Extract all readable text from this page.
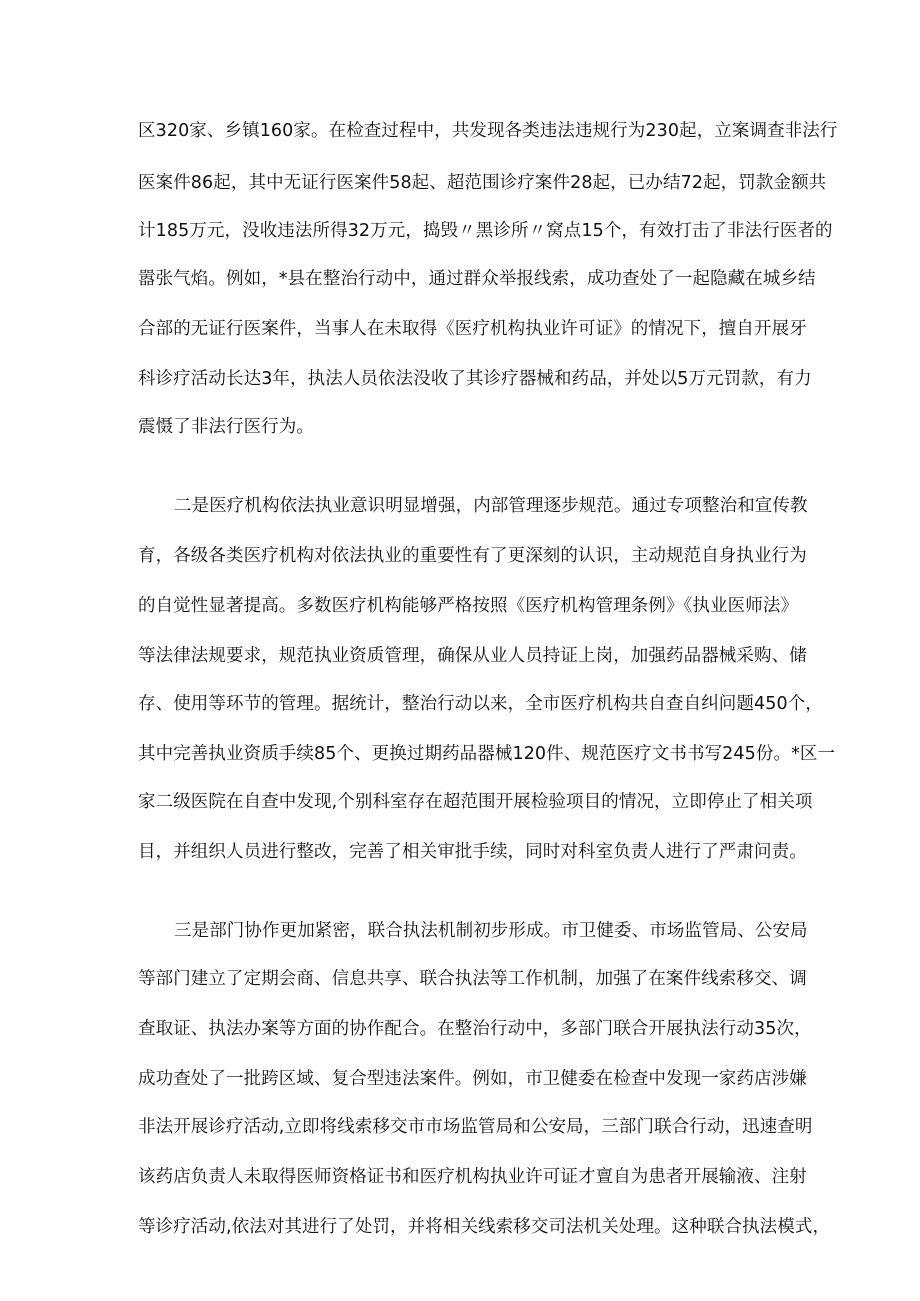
区320家、乡镇160家。在检查过程中，共发现各类违法违规行为230起，立案调查非法行
医案件86起，其中无证行医案件58起、超范围诊疗案件28起，已办结72起，罚款金额共
计185万元，没收违法所得32万元，捣毁〃黑诊所〃窝点15个，有效打击了非法行医者的
嚣张气焰。例如，*县在整治行动中，通过群众举报线索，成功查处了一起隐藏在城乡结
合部的无证行医案件，当事人在未取得《医疗机构执业许可证》的情况下，擅自开展牙
科诊疗活动长达3年，执法人员依法没收了其诊疗器械和药品，并处以5万元罚款，有力
震慑了非法行医行为。
二是医疗机构依法执业意识明显增强，内部管理逐步规范。通过专项整治和宣传教
育，各级各类医疗机构对依法执业的重要性有了更深刻的认识，主动规范自身执业行为
的自觉性显著提高。多数医疗机构能够严格按照《医疗机构管理条例》《执业医师法》
等法律法规要求，规范执业资质管理，确保从业人员持证上岗，加强药品器械采购、储
存、使用等环节的管理。据统计，整治行动以来，全市医疗机构共自查自纠问题450个，
其中完善执业资质手续85个、更换过期药品器械120件、规范医疗文书书写245份。*区一
家二级医院在自查中发现,个别科室存在超范围开展检验项目的情况，立即停止了相关项
目，并组织人员进行整改，完善了相关审批手续，同时对科室负责人进行了严肃问责。
三是部门协作更加紧密，联合执法机制初步形成。市卫健委、市场监管局、公安局
等部门建立了定期会商、信息共享、联合执法等工作机制，加强了在案件线索移交、调
查取证、执法办案等方面的协作配合。在整治行动中，多部门联合开展执法行动35次，
成功查处了一批跨区域、复合型违法案件。例如，市卫健委在检查中发现一家药店涉嫌
非法开展诊疗活动,立即将线索移交市市场监管局和公安局，三部门联合行动，迅速查明
该药店负责人未取得医师资格证书和医疗机构执业许可证才亶自为患者开展输液、注射
等诊疗活动,依法对其进行了处罚，并将相关线索移交司法机关处理。这种联合执法模式，
